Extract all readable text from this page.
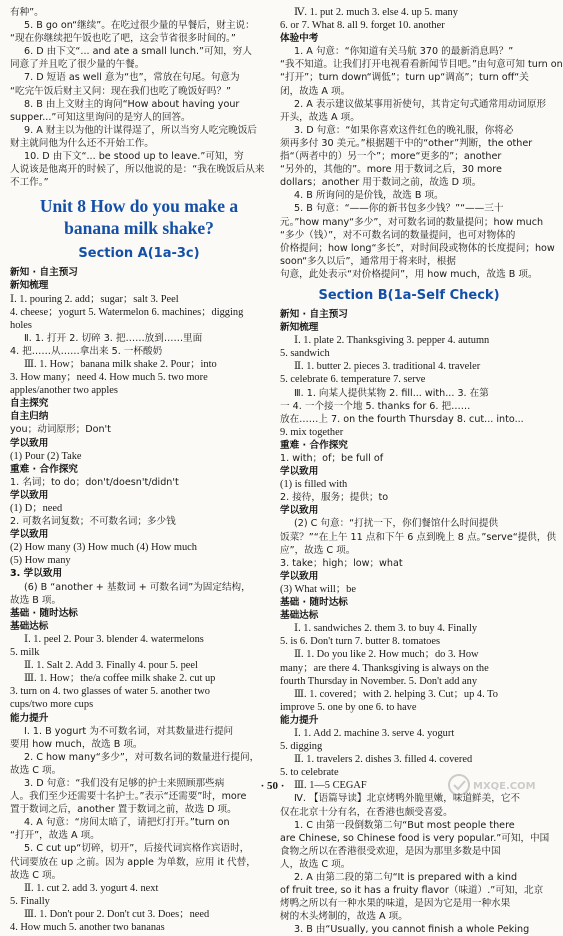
有种”。
5. B go on“继续”。在吃过很少量的早餐后，财主说：
“现在你继续把午饭也吃了吧，这会节省很多时间的。”
6. D 由下文“... and ate a small lunch.”可知，穷人
同意了并且吃了很少量的午餐。
7. D 短语 as well 意为“也”，常放在句尾。句意为
“吃完午饭后财主又问：现在我们也吃了晚饭好吗？”
8. B 由上文财主的询问“How about having your
supper...”可知这里询问的是穷人的回答。
9. A 财主以为他的计谋得逞了，所以当穷人吃完晚饭后
财主就问他为什么还不开始工作。
10. D 由下文“... be stood up to leave.”可知，穷
人说该是他离开的时候了，所以他说的是：“我在晚饭后从来
不工作。”
Unit 8 How do you make a
banana milk shake?
Section A(1a-3c)
新知 · 自主预习
新知梳理
Ⅰ. 1. pouring 2. add；sugar；salt 3. Peel
4. cheese；yogurt 5. Watermelon 6. machines；digging
holes
Ⅱ. 1. 打开 2. 切碎 3. 把……放到……里面
4. 把……从……拿出来 5. 一杯酸奶
Ⅲ. 1. How；banana milk shake 2. Pour；into
3. How many；need 4. How much 5. two more
apples/another two apples
自主探究
自主归纳
you；动词原形；Don't
学以致用
(1) Pour (2) Take
重难 · 合作探究
1. 名词；to do；don't/doesn't/didn't
学以致用
(1) D；need
2. 可数名词复数；不可数名词；多少钱
学以致用
(2) How many (3) How much (4) How much
(5) How many
3. 学以致用
(6) B “another + 基数词 + 可数名词”为固定结构，
故选 B 项。
基础 · 随时达标
基础达标
Ⅰ. 1. peel 2. Pour 3. blender 4. watermelons
5. milk
Ⅱ. 1. Salt 2. Add 3. Finally 4. pour 5. peel
Ⅲ. 1. How；the/a coffee milk shake 2. cut up
3. turn on 4. two glasses of water 5. another two
cups/two more cups
能力提升
Ⅰ. 1. B yogurt 为不可数名词，对其数量进行提问
要用 how much，故选 B 项。
2. C how many“多少”，对可数名词的数量进行提问，
故选 C 项。
3. D 句意：“我们没有足够的护士来照顾那些病
人。我们至少还需要十名护士。”表示“还需要”时，more
置于数词之后，another 置于数词之前，故选 D 项。
4. A 句意：“房间太暗了，请把灯打开。”turn on
“打开”，故选 A 项。
5. C cut up“切碎，切开”，后接代词宾格作宾语时，
代词要放在 up 之前。因为 apple 为单数，应用 it 代替，
故选 C 项。
Ⅱ. 1. cut 2. add 3. yogurt 4. next
5. Finally
Ⅲ. 1. Don't pour 2. Don't cut 3. Does；need
4. How much 5. another two bananas
Ⅳ. 1. put 2. much 3. else 4. up 5. many
6. or 7. What 8. all 9. forget 10. another
体验中考
1. A 句意：“你知道有关马航 370 的最新消息吗？”
“我不知道。让我们打开电视看看新闻节目吧。”由句意可知 turn on
“打开”；turn down“调低”；turn up“调高”；turn off“关
闭，故选 A 项。
2. A 表示建议做某事用祈使句，其肯定句式通常用动词原形
开头，故选 A 项。
3. D 句意：“如果你喜欢这件红色的晚礼服，你将必
须再多付 30 美元。”根据题干中的“other”判断，the other
指“（两者中的）另一个”；more“更多的”；another
“另外的，其他的”。more 用于数词之后，30 more
dollars；another 用于数词之前，故选 D 项。
4. B 所询问的是价钱，故选 B 项。
5. B 句意：“——你的新书包多少钱？”“——三十
元。”how many“多少”，对可数名词的数量提问；how much
“多少（钱）”，对不可数名词的数量提问，也可对物体的
价格提问；how long“多长”，对时间段或物体的长度提问；how
soon“多久以后”，通常用于将来时，根据
句意，此处表示“对价格提问”，用 how much，故选 B 项。
Section B(1a-Self Check)
新知 · 自主预习
新知梳理
Ⅰ. 1. plate 2. Thanksgiving 3. pepper 4. autumn
5. sandwich
Ⅱ. 1. butter 2. pieces 3. traditional 4. traveler
5. celebrate 6. temperature 7. serve
Ⅲ. 1. 向某人提供某物 2. fill... with... 3. 在第
一 4. 一个接一个地 5. thanks for 6. 把……
放在……上 7. on the fourth Thursday 8. cut... into...
9. mix together
重难 · 合作探究
1. with；of；be full of
学以致用
(1) is filled with
2. 接待，服务；提供；to
学以致用
(2) C 句意：“打扰一下，你们餐馆什么时间提供
饭菜？”“在上午 11 点和下午 6 点到晚上 8 点。”serve“提供，供
应”，故选 C 项。
3. take；high；low；what
学以致用
(3) What will；be
基础 · 随时达标
基础达标
Ⅰ. 1. sandwiches 2. them 3. to buy 4. Finally
5. is 6. Don't turn 7. butter 8. tomatoes
Ⅱ. 1. Do you like 2. How much；do 3. How
many；are there 4. Thanksgiving is always on the
fourth Thursday in November. 5. Don't add any
Ⅲ. 1. covered；with 2. helping 3. Cut；up 4. To
improve 5. one by one 6. to have
能力提升
Ⅰ. 1. Add 2. machine 3. serve 4. yogurt
5. digging
Ⅱ. 1. travelers 2. dishes 3. filled 4. covered
5. to celebrate
Ⅲ. 1—5 CEGAF
Ⅳ. 【语篇导读】北京烤鸭外脆里嫩，味道鲜美，它不
仅在北京十分有名，在香港也颇受喜爱。
1. C 由第一段倒数第二句“But most people there
are Chinese, so Chinese food is very popular.”可知，中国
食物之所以在香港很受欢迎，是因为那里多数是中国
人，故选 C 项。
2. A 由第二段的第二句“It is prepared with a kind
of fruit tree, so it has a fruity flavor（味道）.”可知，北京
烤鸭之所以有一种水果的味道，是因为它是用一种水果
树的木头烤制的，故选 A 项。
3. B 由“Usually, you cannot finish a whole Peking
· 50 ·	MXQE.COM
